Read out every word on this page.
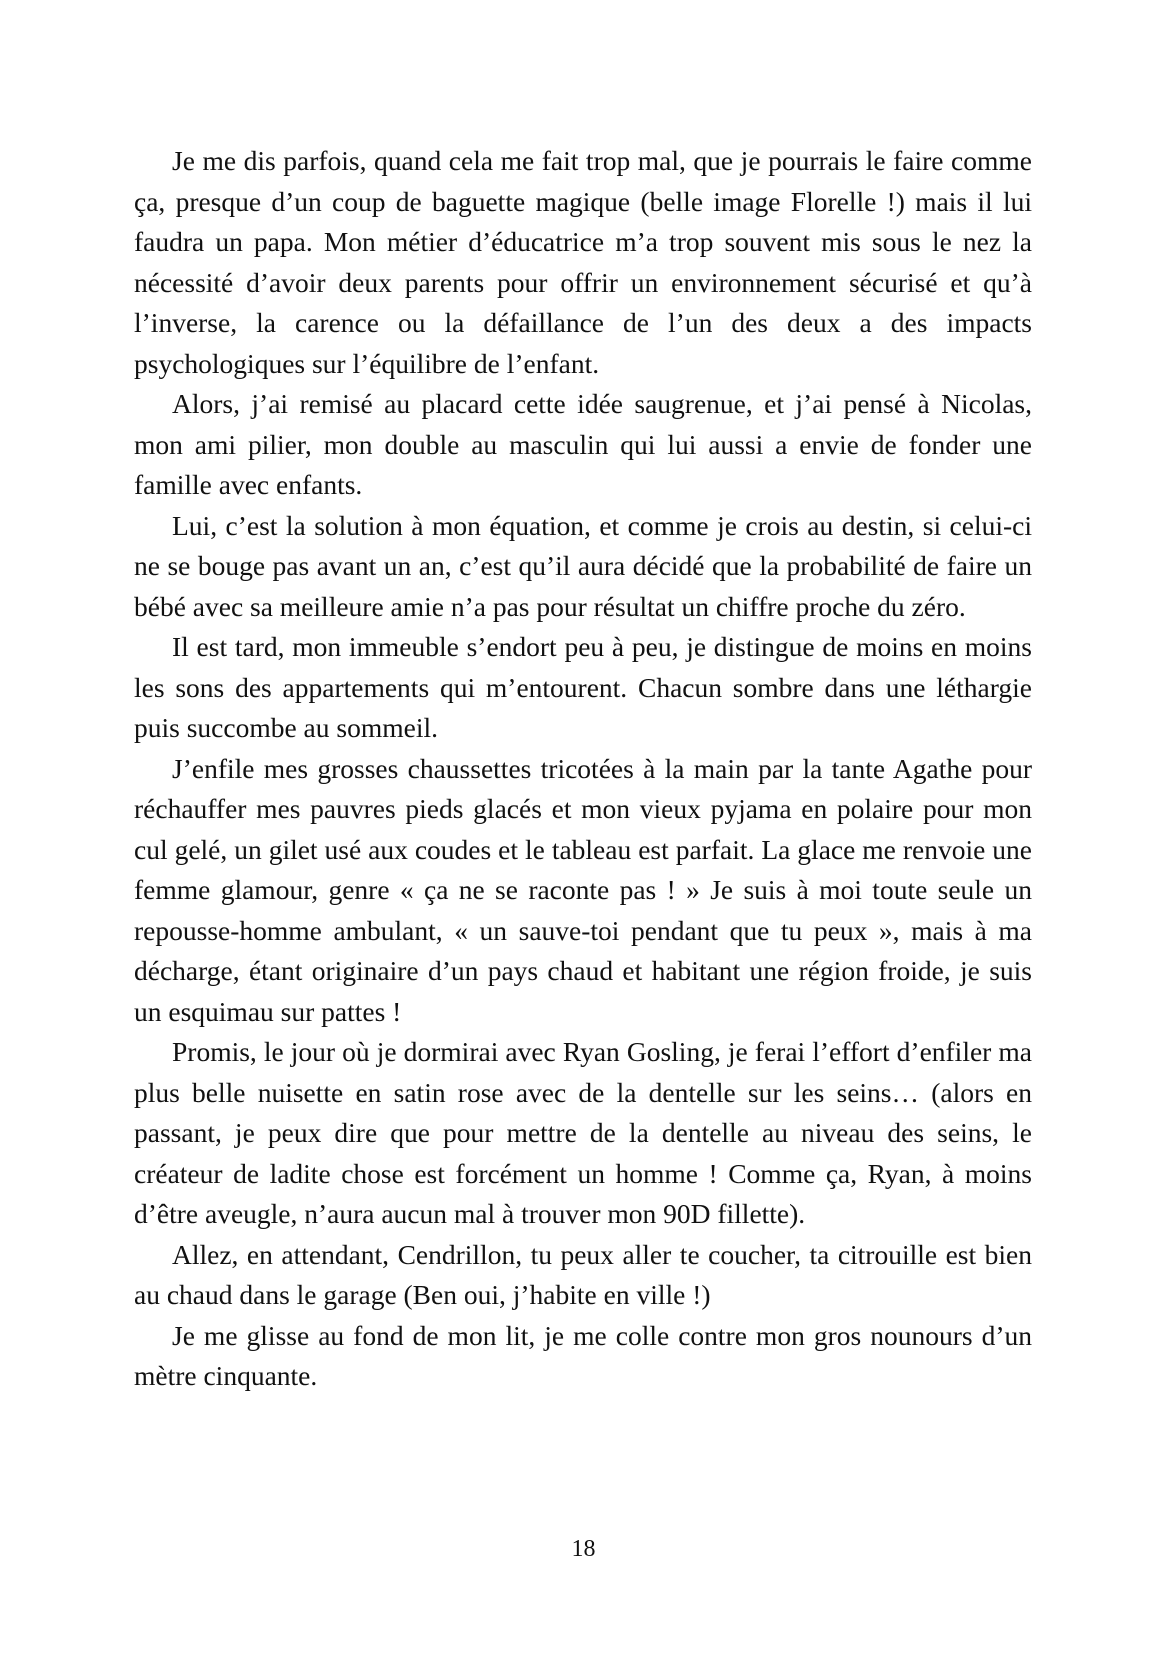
Je me dis parfois, quand cela me fait trop mal, que je pourrais le faire comme ça, presque d’un coup de baguette magique (belle image Florelle !) mais il lui faudra un papa. Mon métier d’éducatrice m’a trop souvent mis sous le nez la nécessité d’avoir deux parents pour offrir un environnement sécurisé et qu’à l’inverse, la carence ou la défaillance de l’un des deux a des impacts psychologiques sur l’équilibre de l’enfant.

Alors, j’ai remisé au placard cette idée saugrenue, et j’ai pensé à Nicolas, mon ami pilier, mon double au masculin qui lui aussi a envie de fonder une famille avec enfants.

Lui, c’est la solution à mon équation, et comme je crois au destin, si celui-ci ne se bouge pas avant un an, c’est qu’il aura décidé que la probabilité de faire un bébé avec sa meilleure amie n’a pas pour résultat un chiffre proche du zéro.

Il est tard, mon immeuble s’endort peu à peu, je distingue de moins en moins les sons des appartements qui m’entourent. Chacun sombre dans une léthargie puis succombe au sommeil.

J’enfile mes grosses chaussettes tricotées à la main par la tante Agathe pour réchauffer mes pauvres pieds glacés et mon vieux pyjama en polaire pour mon cul gelé, un gilet usé aux coudes et le tableau est parfait. La glace me renvoie une femme glamour, genre « ça ne se raconte pas ! » Je suis à moi toute seule un repousse-homme ambulant, « un sauve-toi pendant que tu peux », mais à ma décharge, étant originaire d’un pays chaud et habitant une région froide, je suis un esquimau sur pattes !

Promis, le jour où je dormirai avec Ryan Gosling, je ferai l’effort d’enfiler ma plus belle nuisette en satin rose avec de la dentelle sur les seins… (alors en passant, je peux dire que pour mettre de la dentelle au niveau des seins, le créateur de ladite chose est forcément un homme ! Comme ça, Ryan, à moins d’être aveugle, n’aura aucun mal à trouver mon 90D fillette).

Allez, en attendant, Cendrillon, tu peux aller te coucher, ta citrouille est bien au chaud dans le garage (Ben oui, j’habite en ville !)

Je me glisse au fond de mon lit, je me colle contre mon gros nounours d’un mètre cinquante.

18
